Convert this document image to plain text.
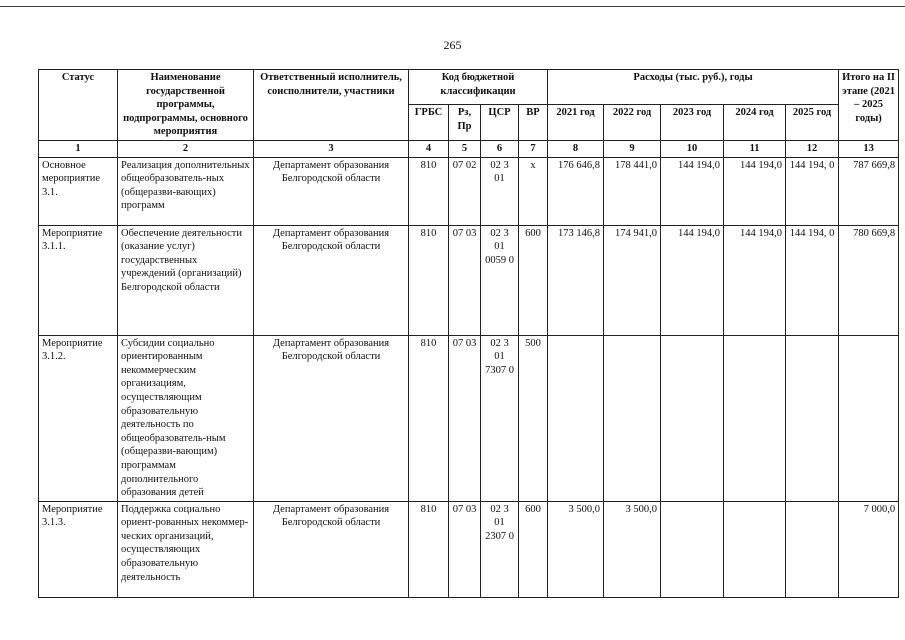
265
Статус	Наименование государственной программы, подпрограммы, основного мероприятия	Ответственный исполнитель, соисполнители, участники	Код бюджетной классификации				Расходы (тыс. руб.), годы					Итого на II этапе (2021 – 2025 годы)
			ГРБС	Рз, Пр	ЦСР	ВР	2021 год	2022 год	2023 год	2024 год	2025 год	
1	2	3	4	5	6	7	8	9	10	11	12	13
Основное мероприятие 3.1.	Реализация дополнительных общеобразователь-ных (общеразви-вающих) программ	Департамент образования Белгородской области	810	07 02	02 3 01	х	176 646,8	178 441,0	144 194,0	144 194,0	144 194, 0	787 669,8
Мероприятие 3.1.1.	Обеспечение деятельности (оказание услуг) государственных учреждений (организаций) Белгородской области	Департамент образования Белгородской области	810	07 03	02 3 01 0059 0	600	173 146,8	174 941,0	144 194,0	144 194,0	144 194, 0	780 669,8
Мероприятие 3.1.2.	Субсидии социально ориентированным некоммерческим организациям, осуществляющим образовательную деятельность по общеобразователь-ным (общеразви-вающим) программам дополнительного образования детей	Департамент образования Белгородской области	810	07 03	02 3 01 7307 0	500						
Мероприятие 3.1.3.	Поддержка социально ориент-рованных некоммер-ческих организаций, осуществляющих образовательную деятельность	Департамент образования Белгородской области	810	07 03	02 3 01 2307 0	600	3 500,0	3 500,0				7 000,0
